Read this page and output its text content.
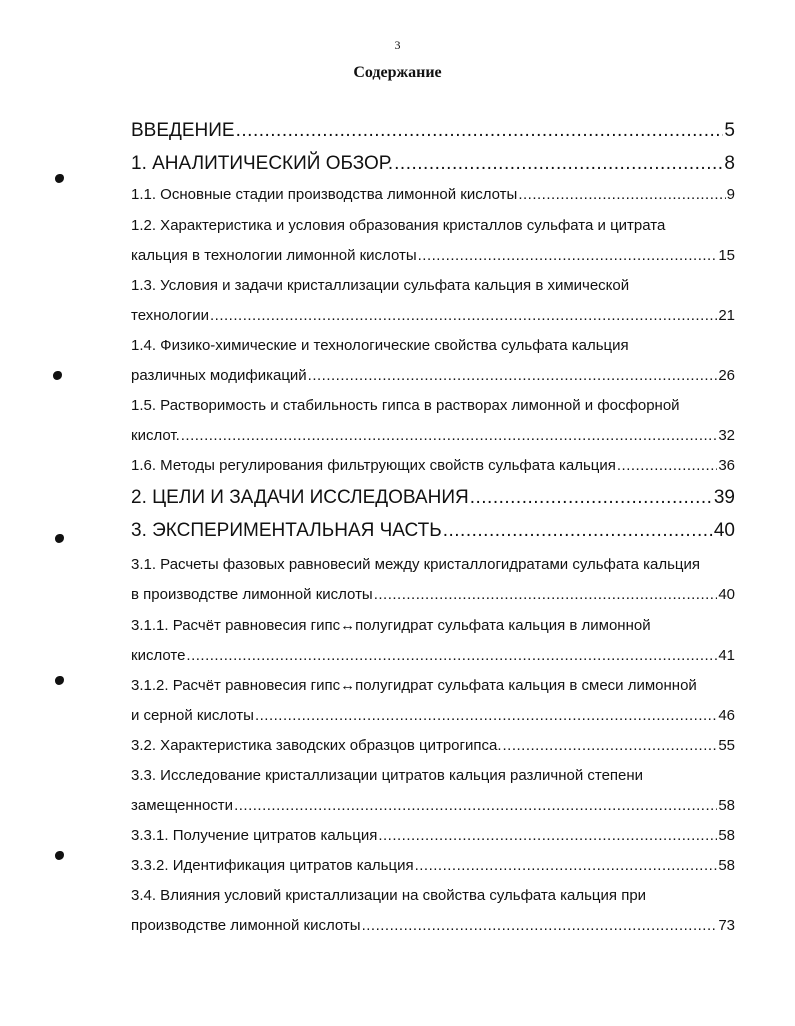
3
Содержание
ВВЕДЕНИЕ .....	5
1. АНАЛИТИЧЕСКИЙ ОБЗОР. .....	8
1.1. Основные стадии производства лимонной кислоты .....	9
1.2. Характеристика и условия образования кристаллов сульфата и цитрата
кальция в технологии лимонной кислоты .....	15
1.3. Условия и задачи кристаллизации сульфата кальция в химической
технологии .....	21
1.4. Физико-химические и технологические свойства сульфата кальция
различных модификаций .....	26
1.5. Растворимость и стабильность гипса в растворах лимонной и фосфорной
кислот. .....	32
1.6. Методы регулирования фильтрующих свойств сульфата кальция .....	36
2. ЦЕЛИ И ЗАДАЧИ ИССЛЕДОВАНИЯ .....	39
3. ЭКСПЕРИМЕНТАЛЬНАЯ ЧАСТЬ .....	40
3.1. Расчеты фазовых равновесий между кристаллогидратами сульфата кальция
в производстве лимонной кислоты .....	40
3.1.1. Расчёт равновесия гипс↔полугидрат сульфата кальция в лимонной
кислоте .....	41
3.1.2. Расчёт равновесия гипс↔полугидрат сульфата кальция в смеси лимонной
и серной кислоты .....	46
3.2. Характеристика заводских образцов цитрогипса. .....	55
3.3. Исследование кристаллизации цитратов кальция различной степени
замещенности .....	58
3.3.1. Получение цитратов кальция .....	58
3.3.2. Идентификация цитратов кальция .....	58
3.4. Влияния условий кристаллизации на свойства сульфата кальция при
производстве лимонной кислоты .....	73
